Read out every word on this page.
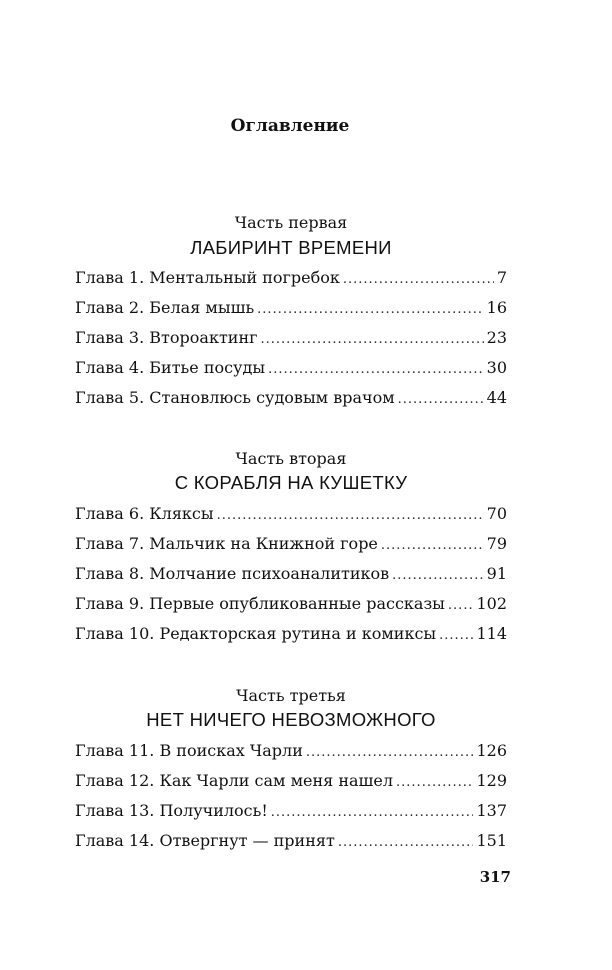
Оглавление
Часть первая
ЛАБИРИНТ ВРЕМЕНИ
Глава 1. Ментальный погребок .....	7
Глава 2. Белая мышь .....	16
Глава 3. Второактинг .....	23
Глава 4. Битье посуды .....	30
Глава 5. Становлюсь судовым врачом .....	44
Часть вторая
С КОРАБЛЯ НА КУШЕТКУ
Глава 6. Кляксы .....	70
Глава 7. Мальчик на Книжной горе .....	79
Глава 8. Молчание психоаналитиков .....	91
Глава 9. Первые опубликованные рассказы ..... 102
Глава 10. Редакторская рутина и комиксы .....	114
Часть третья
НЕТ НИЧЕГО НЕВОЗМОЖНОГО
Глава 11. В поисках Чарли .....	126
Глава 12. Как Чарли сам меня нашел .....	129
Глава 13. Получилось! .....	137
Глава 14. Отвергнут — принят .....	151
317
